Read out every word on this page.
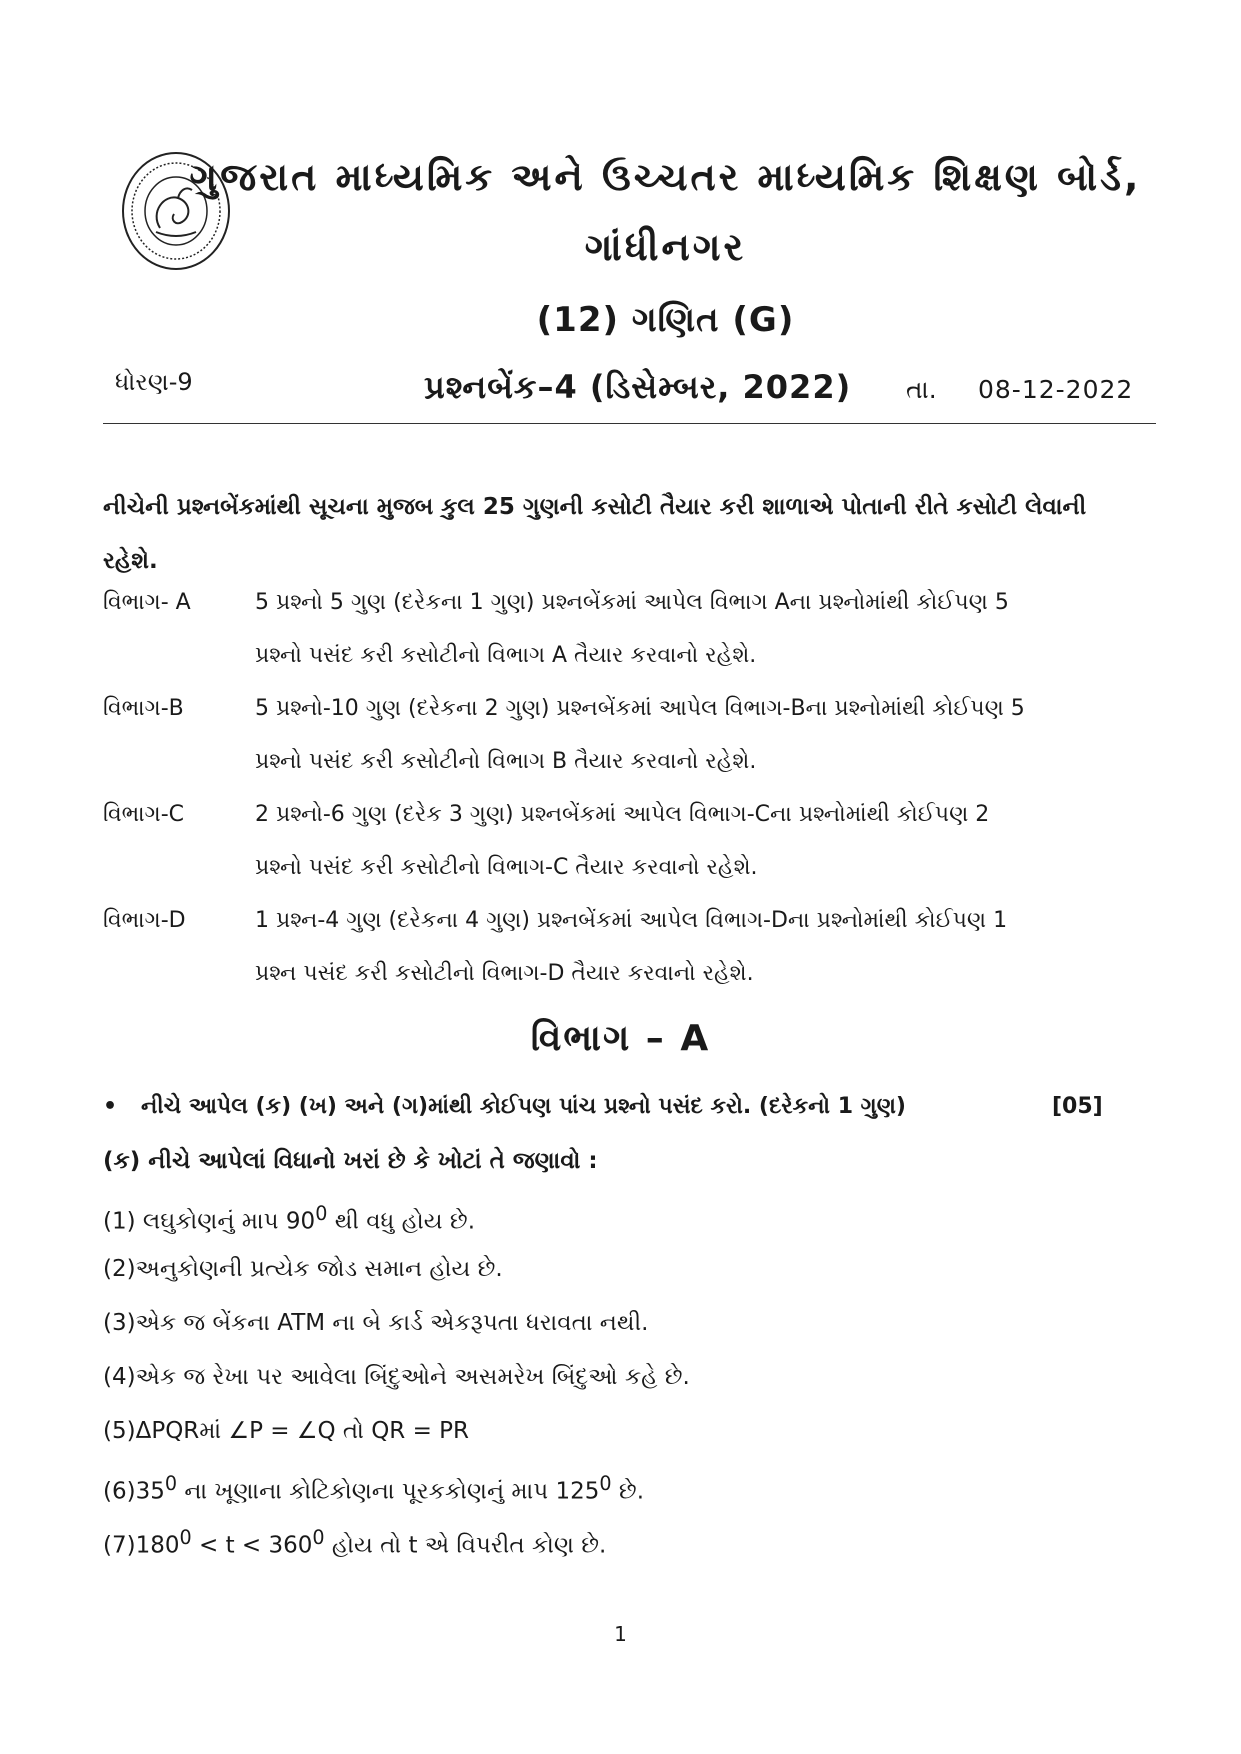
ગુજરાત માધ્યમિક અને ઉચ્ચતર માધ્યમિક શિક્ષણ બોર્ડ,
ગાંધીનગર
(12) ગણિત (G)
ધોરણ-9	પ્રશ્નબેંક–4 (ડિસેમ્બર, 2022) તા. 08-12-2022
નીચેની પ્રશ્નબેંકમાંથી સૂચના મુજબ કુલ 25 ગુણની કસોટી તૈયાર કરી શાળાએ પોતાની રીતે કસોટી લેવાની રહેશે.
વિભાગ- A	5 પ્રશ્નો 5 ગુણ (દરેકના 1 ગુણ) પ્રશ્નબેંકમાં આપેલ વિભાગ Aના પ્રશ્નોમાંથી કોઈપણ 5
પ્રશ્નો પસંદ કરી કસોટીનો વિભાગ A તૈયાર કરવાનો રહેશે.
વિભાગ-B	5 પ્રશ્નો-10 ગુણ (દરેકના 2 ગુણ) પ્રશ્નબેંકમાં આપેલ વિભાગ-Bના પ્રશ્નોમાંથી કોઈપણ 5
પ્રશ્નો પસંદ કરી કસોટીનો વિભાગ B તૈયાર કરવાનો રહેશે.
વિભાગ-C	2 પ્રશ્નો-6 ગુણ (દરેક 3 ગુણ) પ્રશ્નબેંકમાં આપેલ વિભાગ-Cના પ્રશ્નોમાંથી કોઈપણ 2
પ્રશ્નો પસંદ કરી કસોટીનો વિભાગ-C તૈયાર કરવાનો રહેશે.
વિભાગ-D	1 પ્રશ્ન-4 ગુણ (દરેકના 4 ગુણ) પ્રશ્નબેંકમાં આપેલ વિભાગ-Dના પ્રશ્નોમાંથી કોઈપણ 1
પ્રશ્ન પસંદ કરી કસોટીનો વિભાગ-D તૈયાર કરવાનો રહેશે.
વિભાગ – A
• નીચે આપેલ (ક) (ખ) અને (ગ)માંથી કોઈપણ પાંચ પ્રશ્નો પસંદ કરો. (દરેકનો 1 ગુણ)	[05]
(ક) નીચે આપેલાં વિધાનો ખરાં છે કે ખોટાં તે જણાવો :
(1) લઘુકોણનું માપ $90^0$ થી વધુ હોય છે.
(2)અનુકોણની પ્રત્યેક જોડ સમાન હોય છે.
(3)એક જ બેંકના ATM ના બે કાર્ડ એકરૂપતા ધરાવતા નથી.
(4)એક જ રેખા પર આવેલા બિંદુઓને અસમરેખ બિંદુઓ કહે છે.
(5)ΔPQRમાં ∠P = ∠Q તો QR = PR
$(6)35^0$ ના ખૂણાના કોટિકોણના પૂરકકોણનું માપ $125^0$ છે.
$(7)180^0 < t < 360^0$ હોય તો t એ વિપરીત કોણ છે.
1
